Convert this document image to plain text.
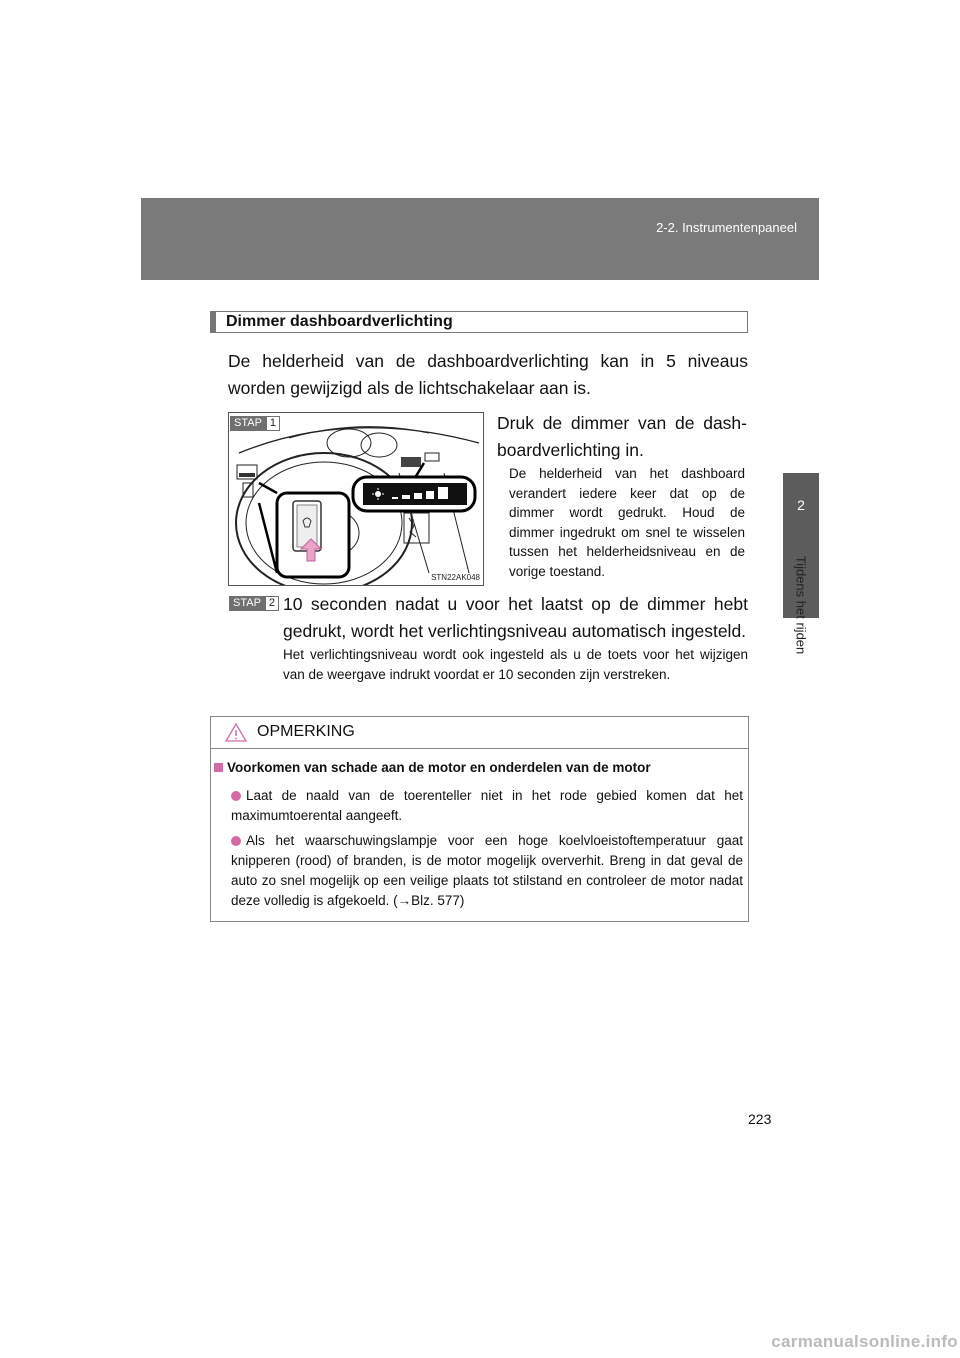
2-2. Instrumentenpaneel
2
Tijdens het rijden
Dimmer dashboardverlichting

De helderheid van de dashboardverlichting kan in 5 niveaus worden gewijzigd als de lichtschakelaar aan is.

STAP 1
STN22AK048

Druk de dimmer van de dashboardverlichting in.

De helderheid van het dashboard verandert iedere keer dat op de dimmer wordt gedrukt. Houd de dimmer ingedrukt om snel te wisselen tussen het helderheidsniveau en de vorige toestand.

STAP 2 10 seconden nadat u voor het laatst op de dimmer hebt gedrukt, wordt het verlichtingsniveau automatisch ingesteld.

Het verlichtingsniveau wordt ook ingesteld als u de toets voor het wijzigen van de weergave indrukt voordat er 10 seconden zijn verstreken.

OPMERKING
Voorkomen van schade aan de motor en onderdelen van de motor
Laat de naald van de toerenteller niet in het rode gebied komen dat het maximumtoerental aangeeft.
Als het waarschuwingslampje voor een hoge koelvloeistoftemperatuur gaat knipperen (rood) of branden, is de motor mogelijk oververhit. Breng in dat geval de auto zo snel mogelijk op een veilige plaats tot stilstand en controleer de motor nadat deze volledig is afgekoeld. (→Blz. 577)
223
carmanualsonline.info
